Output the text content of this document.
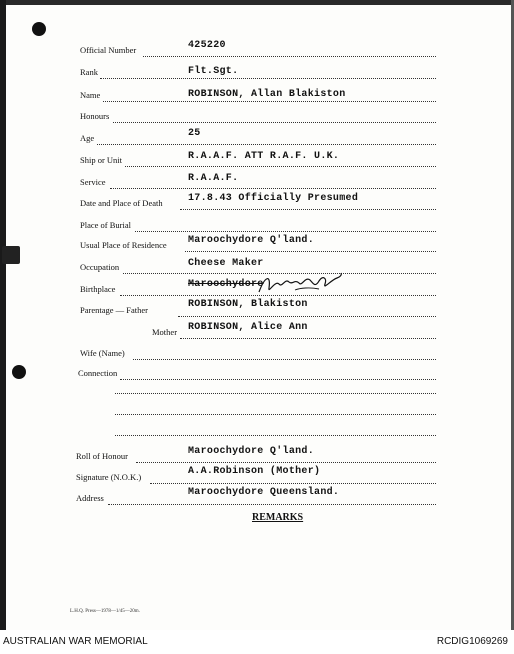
Official Number	425220
Rank	Flt.Sgt.
Name	ROBINSON, Allan Blakiston
Honours
Age	25
Ship or Unit	R.A.A.F. ATT R.A.F. U.K.
Service	R.A.A.F.
Date and Place of Death	17.8.43 Officially Presumed
Place of Burial
Usual Place of Residence Maroochydore Q'land.
Occupation	Cheese Maker
Birthplace	Maroochydore
Parentage — Father	ROBINSON, Blakiston
Mother ROBINSON, Alice Ann
Wife (Name)
Connection
Roll of Honour	Maroochydore Q'land.
Signature (N.O.K.)	A.A.Robinson (Mother)
Address	Maroochydore Queensland.
REMARKS
L.H.Q. Press—1978—1/45—20m.
AUSTRALIAN WAR MEMORIAL	RCDIG1069269
